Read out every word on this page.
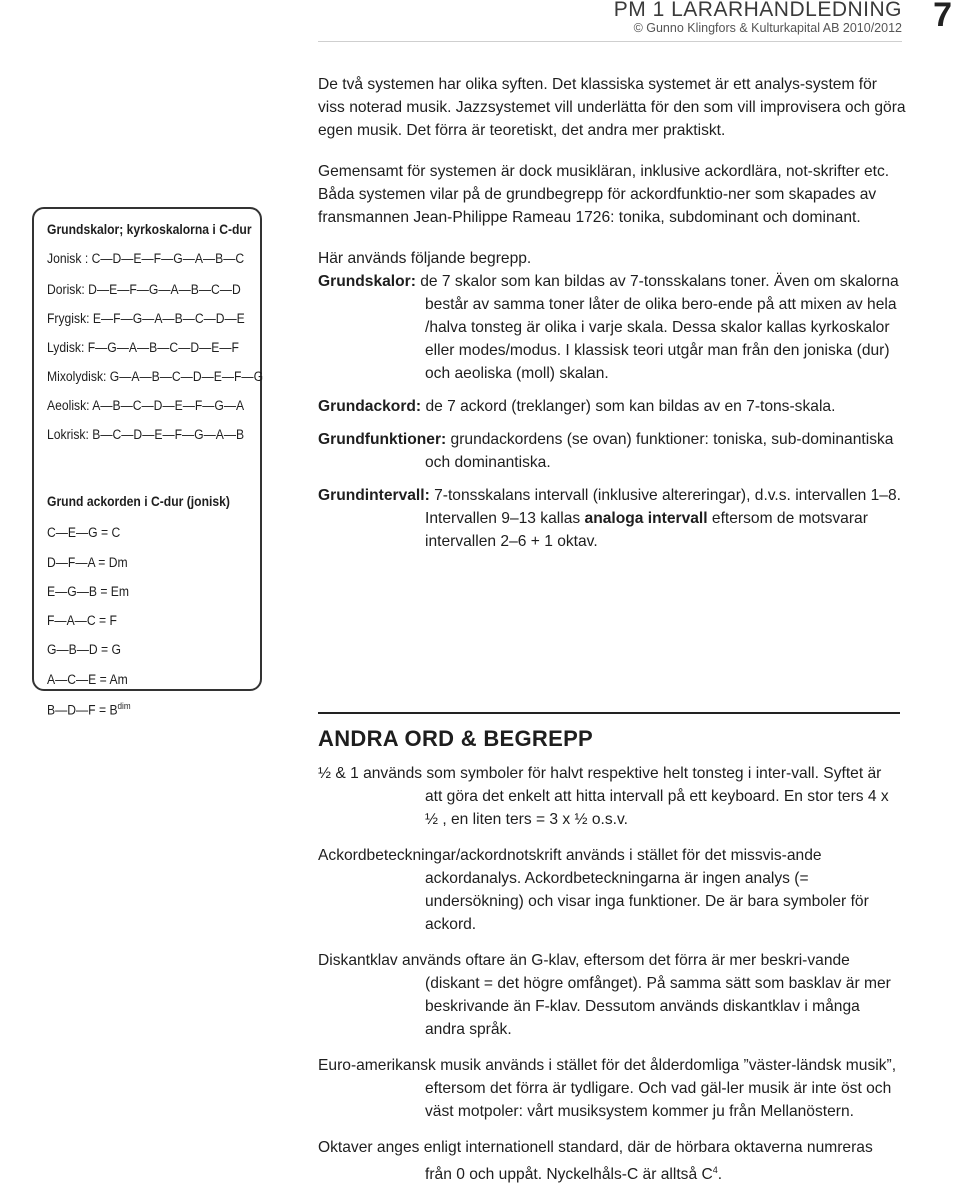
PM 1 LÄRARHANDLEDNING
© Gunno Klingfors & Kulturkapital AB 2010/2012 7
Grundskalor; kyrkoskalorna i C-dur
Jonisk : C—D—E—F—G—A—B—C
Dorisk: D—E—F—G—A—B—C—D
Frygisk: E—F—G—A—B—C—D—E
Lydisk: F—G—A—B—C—D—E—F
Mixolydisk: G—A—B—C—D—E—F—G
Aeolisk: A—B—C—D—E—F—G—A
Lokrisk: B—C—D—E—F—G—A—B
Grund ackorden i C-dur (jonisk)
C—E—G = C
D—F—A = Dm
E—G—B = Em
F—A—C = F
G—B—D = G
A—C—E = Am
B—D—F = $B^{dim}$

De två systemen har olika syften. Det klassiska systemet är ett analys-system för viss noterad musik. Jazzsystemet vill underlätta för den som vill improvisera och göra egen musik. Det förra är teoretiskt, det andra mer praktiskt.

Gemensamt för systemen är dock musikläran, inklusive ackordlära, not-skrifter etc. Båda systemen vilar på de grundbegrepp för ackordfunktio-ner som skapades av fransmannen Jean-Philippe Rameau 1726: tonika, subdominant och dominant.

Här används följande begrepp.

Grundskalor: de 7 skalor som kan bildas av 7-tonsskalans toner. Även om skalorna består av samma toner låter de olika bero-ende på att mixen av hela /halva tonsteg är olika i varje skala. Dessa skalor kallas kyrkoskalor eller modes/modus. I klassisk teori utgår man från den joniska (dur) och aeoliska (moll) skalan.

Grundackord: de 7 ackord (treklanger) som kan bildas av en 7-tons-skala.

Grundfunktioner: grundackordens (se ovan) funktioner: toniska, sub-dominantiska och dominantiska.

Grundintervall: 7-tonsskalans intervall (inklusive altereringar), d.v.s. intervallen 1–8. Intervallen 9–13 kallas analoga intervall eftersom de motsvarar intervallen 2–6 + 1 oktav.

ANDRA ORD & BEGREPP

½ & 1 används som symboler för halvt respektive helt tonsteg i inter-vall. Syftet är att göra det enkelt att hitta intervall på ett keyboard. En stor ters 4 x ½ , en liten ters = 3 x ½ o.s.v.

Ackordbeteckningar/ackordnotskrift används i stället för det missvis-ande ackordanalys. Ackordbeteckningarna är ingen analys (= undersökning) och visar inga funktioner. De är bara symboler för ackord.

Diskantklav används oftare än G-klav, eftersom det förra är mer beskri-vande (diskant = det högre omfånget). På samma sätt som basklav är mer beskrivande än F-klav. Dessutom används diskantklav i många andra språk.

Euro-amerikansk musik används i stället för det ålderdomliga ”väster-ländsk musik”, eftersom det förra är tydligare. Och vad gäl-ler musik är inte öst och väst motpoler: vårt musiksystem kommer ju från Mellanöstern.

Oktaver anges enligt internationell standard, där de hörbara oktaverna numreras från 0 och uppåt. Nyckelhåls-C är alltså $C^4$.
